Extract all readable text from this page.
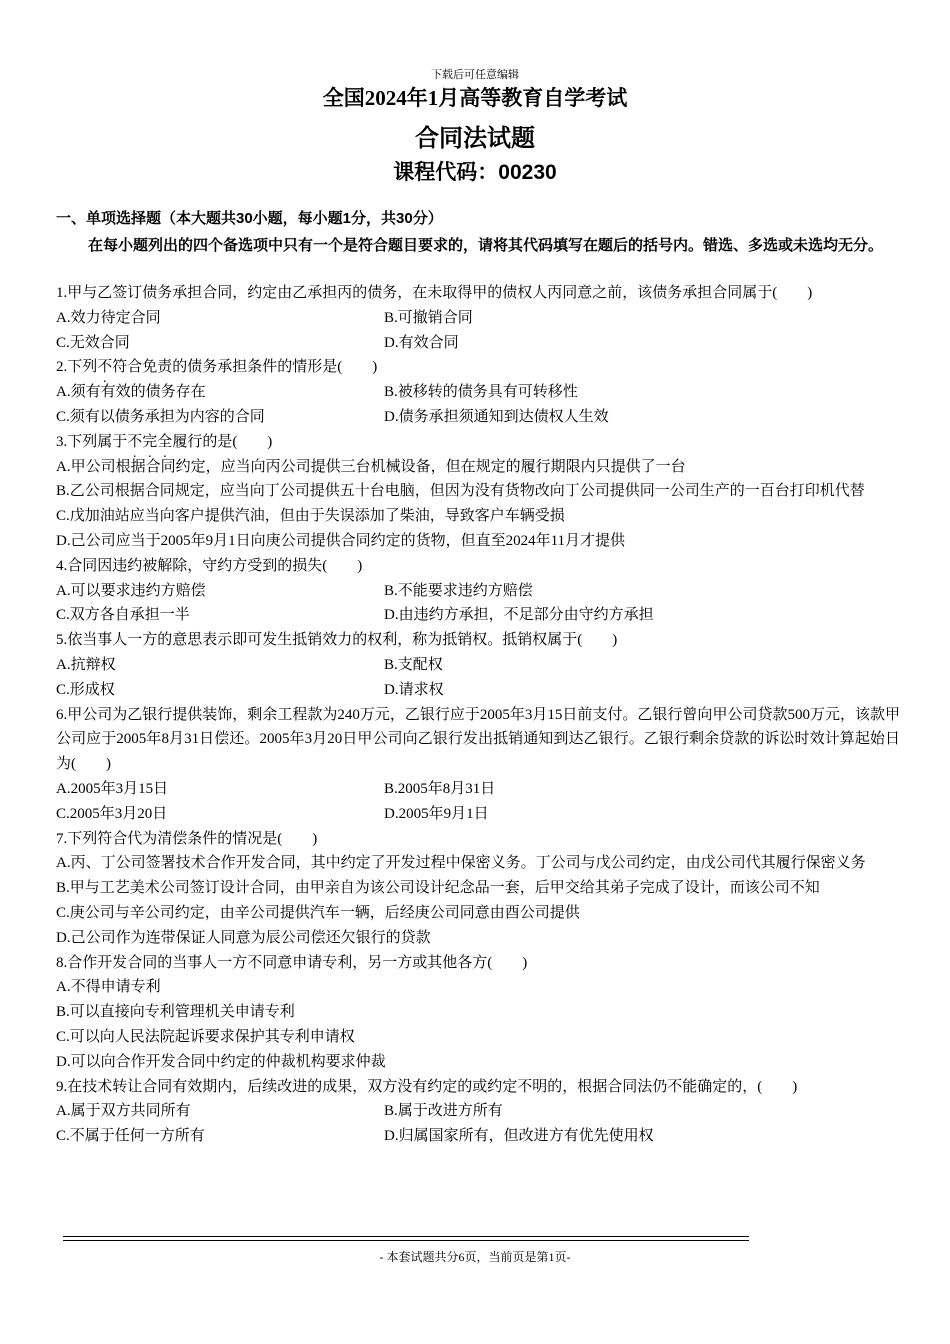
下载后可任意编辑
全国2024年1月高等教育自学考试
合同法试题
课程代码：00230
一、单项选择题（本大题共30小题，每小题1分，共30分）
在每小题列出的四个备选项中只有一个是符合题目要求的，请将其代码填写在题后的括号内。错选、多选或未选均无分。
1.甲与乙签订债务承担合同，约定由乙承担丙的债务，在未取得甲的债权人丙同意之前，该债务承担合同属于(　　)
A.效力待定合同	B.可撤销合同
C.无效合同	D.有效合同
2.下列不符合免责的债务承担条件的情形是(　　)
A.须有有效的债务存在	B.被移转的债务具有可转移性
C.须有以债务承担为内容的合同	D.债务承担须通知到达债权人生效
3.下列属于不完全履行的是(　　)
A.甲公司根据合同约定，应当向丙公司提供三台机械设备，但在规定的履行期限内只提供了一台
B.乙公司根据合同规定，应当向丁公司提供五十台电脑，但因为没有货物改向丁公司提供同一公司生产的一百台打印机代替
C.戊加油站应当向客户提供汽油，但由于失误添加了柴油，导致客户车辆受损
D.己公司应当于2005年9月1日向庚公司提供合同约定的货物，但直至2024年11月才提供
4.合同因违约被解除，守约方受到的损失(　　)
A.可以要求违约方赔偿	B.不能要求违约方赔偿
C.双方各自承担一半	D.由违约方承担，不足部分由守约方承担
5.依当事人一方的意思表示即可发生抵销效力的权利，称为抵销权。抵销权属于(　　)
A.抗辩权	B.支配权
C.形成权	D.请求权
6.甲公司为乙银行提供装饰，剩余工程款为240万元，乙银行应于2005年3月15日前支付。乙银行曾向甲公司贷款500万元，该款甲公司应于2005年8月31日偿还。2005年3月20日甲公司向乙银行发出抵销通知到达乙银行。乙银行剩余贷款的诉讼时效计算起始日为(　　)
A.2005年3月15日	B.2005年8月31日
C.2005年3月20日	D.2005年9月1日
7.下列符合代为清偿条件的情况是(　　)
A.丙、丁公司签署技术合作开发合同，其中约定了开发过程中保密义务。丁公司与戊公司约定，由戊公司代其履行保密义务
B.甲与工艺美术公司签订设计合同，由甲亲自为该公司设计纪念品一套，后甲交给其弟子完成了设计，而该公司不知
C.庚公司与辛公司约定，由辛公司提供汽车一辆，后经庚公司同意由酉公司提供
D.己公司作为连带保证人同意为辰公司偿还欠银行的贷款
8.合作开发合同的当事人一方不同意申请专利，另一方或其他各方(　　)
A.不得申请专利
B.可以直接向专利管理机关申请专利
C.可以向人民法院起诉要求保护其专利申请权
D.可以向合作开发合同中约定的仲裁机构要求仲裁
9.在技术转让合同有效期内，后续改进的成果，双方没有约定的或约定不明的，根据合同法仍不能确定的，(　　)
A.属于双方共同所有	B.属于改进方所有
C.不属于任何一方所有	D.归属国家所有，但改进方有优先使用权
- 本套试题共分6页，当前页是第1页-
